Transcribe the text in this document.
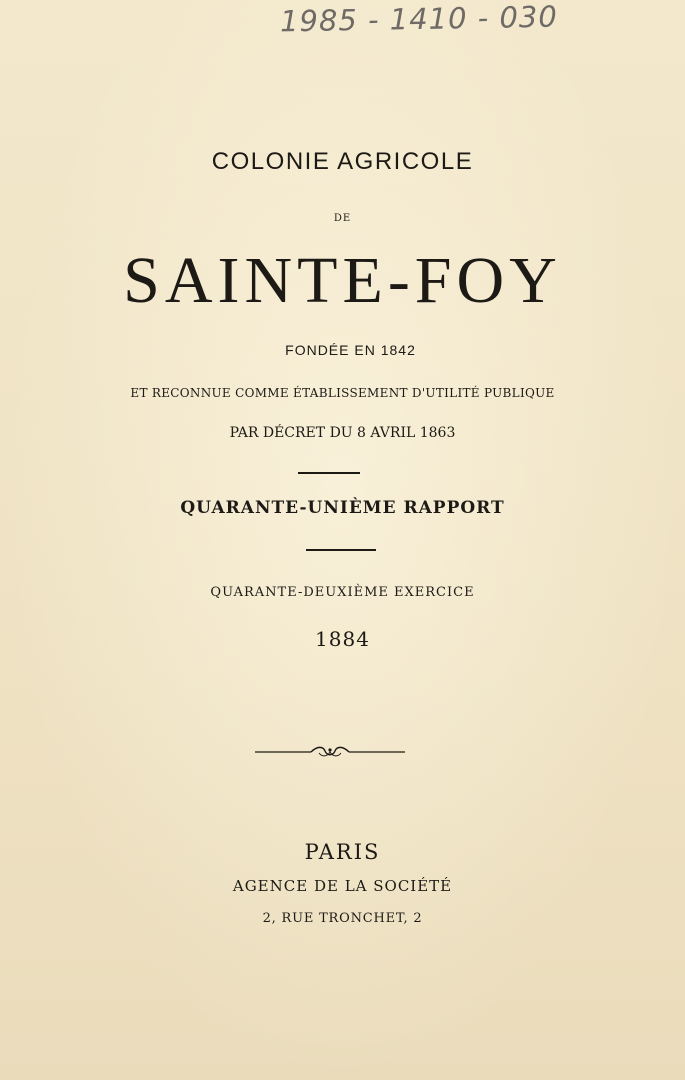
1985 - 1410 - 030
COLONIE AGRICOLE
DE
SAINTE-FOY
FONDÉE EN 1842
ET RECONNUE COMME ÉTABLISSEMENT D'UTILITÉ PUBLIQUE
PAR DÉCRET DU 8 AVRIL 1863
QUARANTE-UNIÈME RAPPORT
QUARANTE-DEUXIÈME EXERCICE
1884
PARIS
AGENCE DE LA SOCIÉTÉ
2, RUE TRONCHET, 2
